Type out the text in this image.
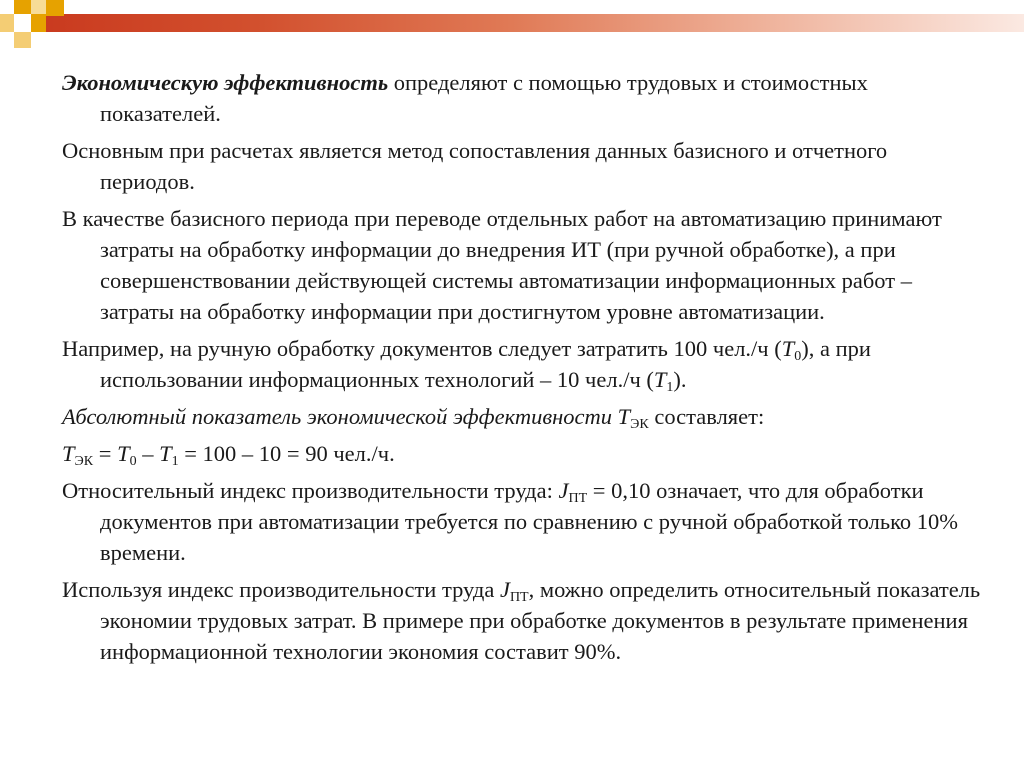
Экономическую эффективность определяют с помощью трудовых и стоимостных показателей.

Основным при расчетах является метод сопоставления данных базисного и отчетного периодов.

В качестве базисного периода при переводе отдельных работ на автоматизацию принимают затраты на обработку информации до внедрения ИТ (при ручной обработке), а при совершенствовании действующей системы автоматизации информационных работ – затраты на обработку информации при достигнутом уровне автоматизации.

Например, на ручную обработку документов следует затратить 100 чел./ч $(Т_0)$, а при использовании информационных технологий – 10 чел./ч $(Т_1)$.

Абсолютный показатель экономической эффективности $Т_{ЭК}$ составляет:

$Т_{ЭК} = Т_0 - Т_1 = 100 - 10 = 90$ чел./ч.

Относительный индекс производительности труда: $J_{ПТ} = 0,10$ означает, что для обработки документов при автоматизации требуется по сравнению с ручной обработкой только 10% времени.

Используя индекс производительности труда $J_{ПТ}$, можно определить относительный показатель экономии трудовых затрат. В примере при обработке документов в результате применения информационной технологии экономия составит 90%.
